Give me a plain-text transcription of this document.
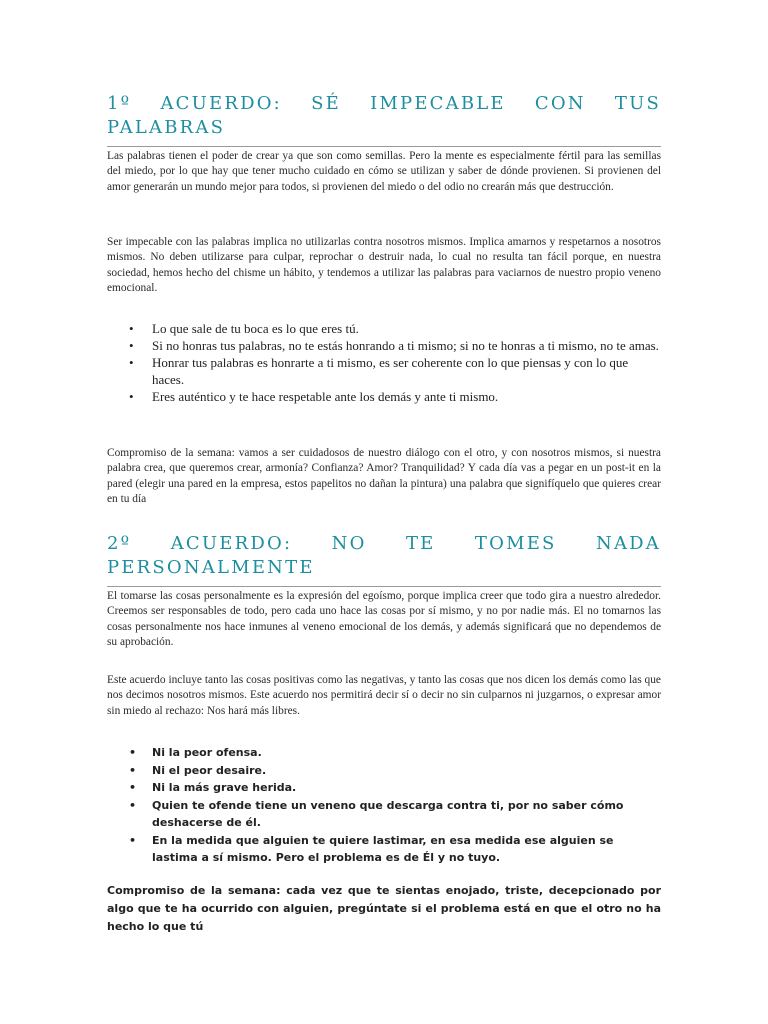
1º ACUERDO: SÉ IMPECABLE CON TUS
PALABRAS

Las palabras tienen el poder de crear ya que son como semillas. Pero la mente es especialmente fértil para las semillas del miedo, por lo que hay que tener mucho cuidado en cómo se utilizan y saber de dónde provienen. Si provienen del amor generarán un mundo mejor para todos, si provienen del miedo o del odio no crearán más que destrucción.

Ser impecable con las palabras implica no utilizarlas contra nosotros mismos. Implica amarnos y respetarnos a nosotros mismos. No deben utilizarse para culpar, reprochar o destruir nada, lo cual no resulta tan fácil porque, en nuestra sociedad, hemos hecho del chisme un hábito, y tendemos a utilizar las palabras para vaciarnos de nuestro propio veneno emocional.

• Lo que sale de tu boca es lo que eres tú.
• Si no honras tus palabras, no te estás honrando a ti mismo; si no te honras a ti mismo, no te amas.
• Honrar tus palabras es honrarte a ti mismo, es ser coherente con lo que piensas y con lo que haces.
• Eres auténtico y te hace respetable ante los demás y ante ti mismo.

Compromiso de la semana: vamos a ser cuidadosos de nuestro diálogo con el otro, y con nosotros mismos, si nuestra palabra crea, que queremos crear, armonía? Confianza? Amor? Tranquilidad? Y cada día vas a pegar en un post-it en la pared (elegir una pared en la empresa, estos papelitos no dañan la pintura) una palabra que signifíquelo que quieres crear en tu día

2º ACUERDO: NO TE TOMES NADA
PERSONALMENTE

El tomarse las cosas personalmente es la expresión del egoísmo, porque implica creer que todo gira a nuestro alrededor. Creemos ser responsables de todo, pero cada uno hace las cosas por sí mismo, y no por nadie más. El no tomarnos las cosas personalmente nos hace inmunes al veneno emocional de los demás, y además significará que no dependemos de su aprobación.

Este acuerdo incluye tanto las cosas positivas como las negativas, y tanto las cosas que nos dicen los demás como las que nos decimos nosotros mismos. Este acuerdo nos permitirá decir sí o decir no sin culparnos ni juzgarnos, o expresar amor sin miedo al rechazo: Nos hará más libres.

• Ni la peor ofensa.
• Ni el peor desaire.
• Ni la más grave herida.
• Quien te ofende tiene un veneno que descarga contra ti, por no saber cómo deshacerse de él.
• En la medida que alguien te quiere lastimar, en esa medida ese alguien se lastima a sí mismo. Pero el problema es de Él y no tuyo.

Compromiso de la semana: cada vez que te sientas enojado, triste, decepcionado por algo que te ha ocurrido con alguien, pregúntate si el problema está en que el otro no ha hecho lo que tú
